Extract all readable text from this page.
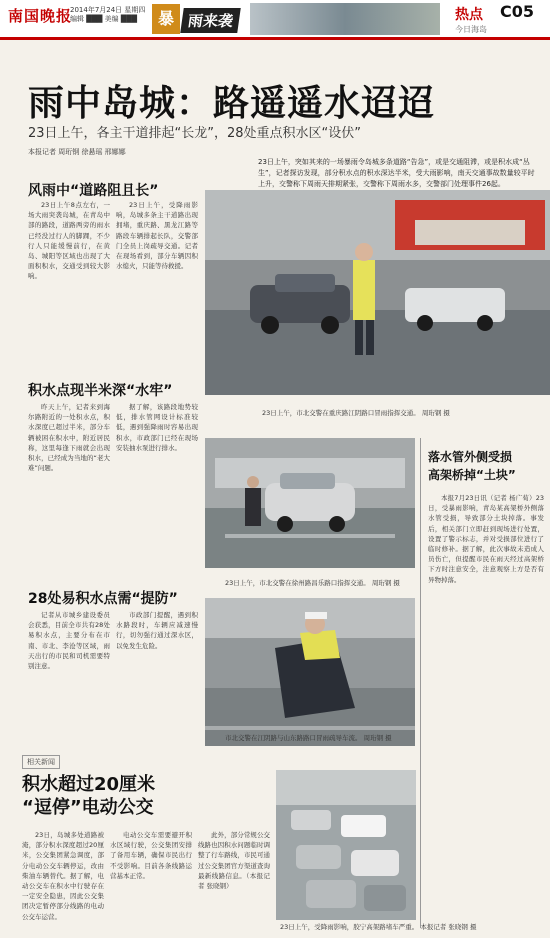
南国晚报
2014年7月24日 星期四
编辑 ███ 美编 ███	暴 雨来袭	热点 C05
今日海岛
雨中岛城：路遥遥水迢迢
23日上午，各主干道排起“长龙”，28处重点积水区“设伏”
本报记者 周珩钢 徐悬瑶 邢娜娜
23日上午，突如其来的一场暴雨令岛城多条道路“告急”，或是交通阻滞，或是积水成“丛生”，记者探访发现，部分积水点的积水深达半米，受大雨影响，南天交通事故数量较平时上升，交警称下周雨天排期紧张，交警称下周雨水多，交警部门处理事件26起。
23日上午，市北交警在重庆路江阴路口冒雨指挥交通。 周珩钢 摄
风雨中“道路阻且长”

23日上午8点左右，一场大雨突袭岛城，在青岛中部的路段，道路两旁的雨水已经没过行人的脚踝，不少行人只能缓慢前行，在黄岛、城阳等区域也出现了大面积积水，交通受到较大影响。

23日上午，受降雨影响，岛城多条主干道路出现拥堵，重庆路、黑龙江路等路段车辆排起长队，交警部门全员上岗疏导交通。记者在现场看到，部分车辆因积水熄火，只能等待救援。

积水点现半米深“水牢”

昨天上午，记者来到海尔路附近的一处积水点，积水深度已超过半米，部分车辆被困在积水中，附近居民称，这里每逢下雨就会出现积水，已经成为当地的“老大难”问题。

据了解，该路段地势较低，排水管网设计标准较低，遇到强降雨时容易出现积水，市政部门已经在现场安装抽水泵进行排水。

23日上午，市北交警在徐州路昌乐路口指挥交通。 周珩钢 摄
28处易积水点需“提防”

记者从市城乡建设委员会获悉，目前全市共有28处易积水点，主要分布在市南、市北、李沧等区域，雨天出行的市民和司机需要特别注意。

市政部门提醒，遇到积水路段时，车辆应减速慢行，切勿强行通过深水区，以免发生危险。

市北交警在江阴路与山东路路口冒雨疏导车流。 周珩钢 摄
落水管外侧受损
高架桥掉“土块”

本报7月23日讯（记者 杨广荀）23日，受暴雨影响，青岛某高架桥外侧落水管受损，导致部分土块掉落。事发后，相关部门立即赶到现场进行处置，设置了警示标志，并对受损部位进行了临时修补。据了解，此次事故未造成人员伤亡，但提醒市民在雨天经过高架桥下方时注意安全，注意观察上方是否有异物掉落。

相关新闻
积水超过20厘米
“逗停”电动公交

23日，岛城多处道路被淹，部分积水深度超过20厘米，公交集团紧急调度，部分电动公交车辆停运，改由柴油车辆替代。据了解，电动公交车在积水中行驶存在一定安全隐患，因此公交集团决定暂停部分线路的电动公交车运营。

电动公交车需要避开积水区域行驶，公交集团安排了备用车辆，确保市民出行不受影响。目前各条线路运营基本正常。

此外，部分常规公交线路也因积水问题临时调整了行车路线，市民可通过公交集团官方渠道查询最新线路信息。（本报记者 张晓钢）

23日上午，受降雨影响，胶宁高架路堵车严重。 本报记者 张晓钢 摄
